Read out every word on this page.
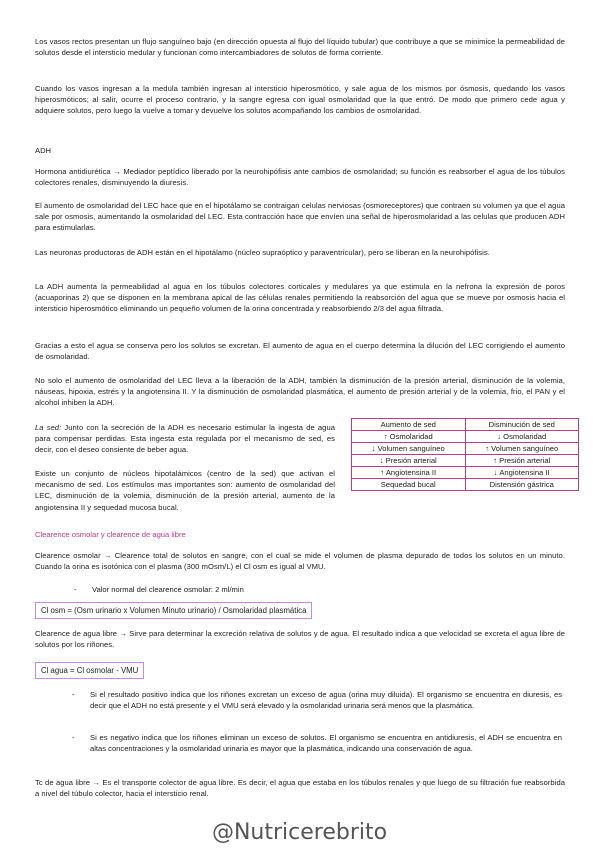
Los vasos rectos presentan un flujo sanguíneo bajo (en dirección opuesta al flujo del líquido tubular) que contribuye a que se minimice la permeabilidad de solutos desde el intersticio medular y funcionan como intercambiadores de solutos de forma corriente.

Cuando los vasos ingresan a la medula también ingresan al intersticio hiperosmótico, y sale agua de los mismos por ósmosis, quedando los vasos hiperosmóticos; al salir, ocurre el proceso contrario, y la sangre egresa con igual osmolaridad que la que entró. De modo que primero cede agua y adquiere solutos, pero luego la vuelve a tomar y devuelve los solutos acompañando los cambios de osmolaridad.

ADH

Hormona antidiurética → Mediador peptídico liberado por la neurohipófisis ante cambios de osmolaridad; su función es reabsorber el agua de los túbulos colectores renales, disminuyendo la diuresis.

El aumento de osmolaridad del LEC hace que en el hipotálamo se contraigan celulas nerviosas (osmoreceptores) que contraen su volumen ya que el agua sale por osmosis, aumentando la osmolaridad del LEC. Esta contracción hace que envíen una señal de hiperosmolaridad a las celulas que producen ADH para estimularlas.

Las neuronas productoras de ADH están en el hipotálamo (núcleo supraóptico y paraventricular), pero se liberan en la neurohipófisis.

La ADH aumenta la permeabilidad al agua en los túbulos colectores corticales y medulares ya que estimula en la nefrona la expresión de poros (acuaporinas 2) que se disponen en la membrana apical de las células renales permitiendo la reabsorción del agua que se mueve por osmosis hacia el intersticio hiperosmótico eliminando un pequeño volumen de la orina concentrada y reabsorbiendo 2/3 del agua filtrada.

Gracias a esto el agua se conserva pero los solutos se excretan. El aumento de agua en el cuerpo determina la dilución del LEC corrigiendo el aumento de osmolaridad.

No solo el aumento de osmolaridad del LEC lleva a la liberación de la ADH, también la disminución de la presión arterial, disminución de la volemia, náuseas, hipoxia, estrés y la angiotensina II. Y la disminución de osmolaridad plasmática, el aumento de presión arterial y de la volemia, frio, el PAN y el alcohol inhiben la ADH.

La sed: Junto con la secreción de la ADH es necesario estimular la ingesta de agua para compensar perdidas. Esta ingesta esta regulada por el mecanismo de sed, es decir, con el deseo consiente de beber agua.

Existe un conjunto de núcleos hipotalámicos (centro de la sed) que activan el mecanismo de sed. Los estímulos mas importantes son: aumento de osmolaridad del LEC, disminución de la volemia, disminución de la presión arterial, aumento de la angiotensina II y sequedad mucosa bucal.

Aumento de sed	Disminución de sed
↑ Osmolaridad	↓ Osmolaridad
↓ Volumen sanguíneo	↑ Volumen sanguíneo
↓ Presión arterial	↑ Presión arterial
↑ Angiotensina II	↓ Angiotensina II
Sequedad bucal	Distensión gástrica

Clearence osmolar y clearence de agua libre

Clearence osmolar → Clearence total de solutos en sangre, con el cual se mide el volumen de plasma depurado de todos los solutos en un minuto. Cuando la orina es isotónica con el plasma (300 mOsm/L) el Cl osm es igual al VMU.

- Valor normal del clearence osmolar: 2 ml/min

Cl osm = (Osm urinario x Volumen Minuto urinario) / Osmolaridad plasmática

Clearence de agua libre → Sirve para determinar la excreción relativa de solutos y de agua. El resultado indica a que velocidad se excreta el agua libre de solutos por los riñones.

Cl agua = Cl osmolar - VMU

- Si el resultado positivo indica que los riñones excretan un exceso de agua (orina muy diluida). El organismo se encuentra en diuresis, es decir que el ADH no está presente y el VMU será elevado y la osmolaridad urinaria será menos que la plasmática.

- Si es negativo indica que los riñones eliminan un exceso de solutos. El organismo se encuentra en antidiuresis, el ADH se encuentra en altas concentraciones y la osmolaridad urinaria es mayor que la plasmática, indicando una conservación de agua.

Tc de agua libre → Es el transporte colector de agua libre. Es decir, el agua que estaba en los túbulos renales y que luego de su filtración fue reabsorbida a nivel del túbulo colector, hacia el intersticio renal.

@Nutricerebrito
